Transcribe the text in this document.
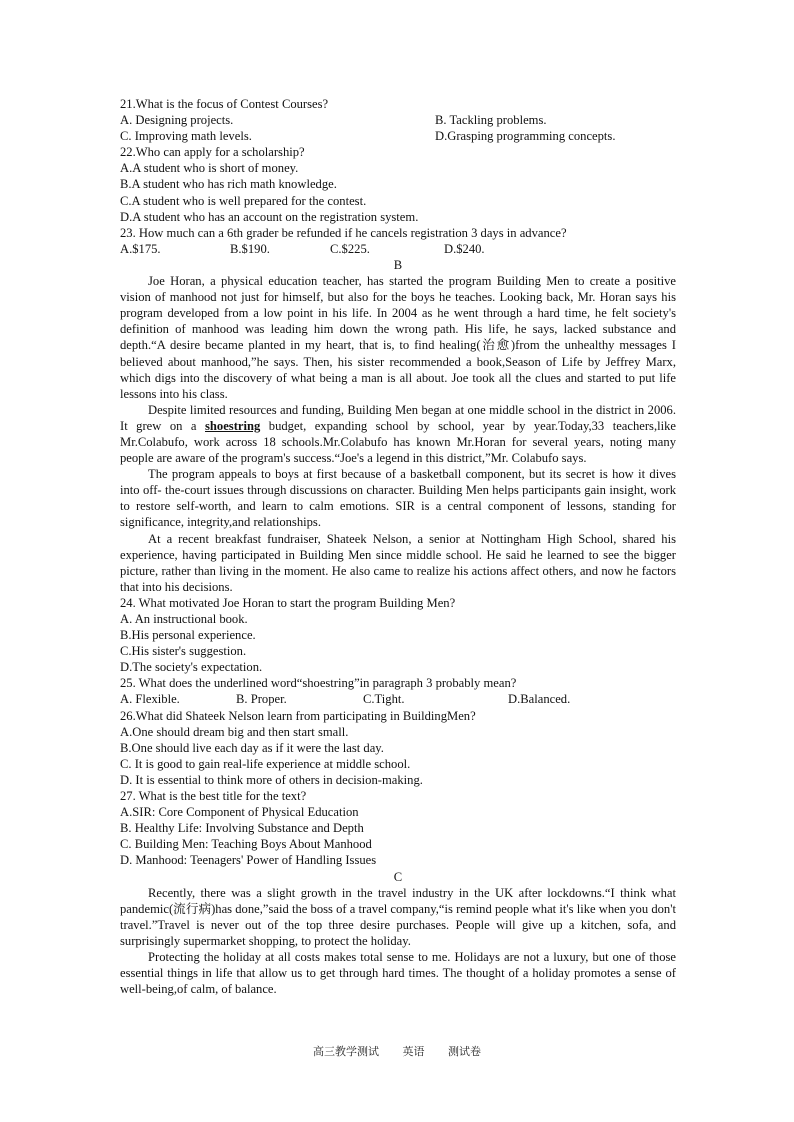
21.What is the focus of Contest Courses?
A. Designing projects.	B. Tackling problems.
C. Improving math levels.	D.Grasping programming concepts.
22.Who can apply for a scholarship?
A.A student who is short of money.
B.A student who has rich math knowledge.
C.A student who is well prepared for the contest.
D.A student who has an account on the registration system.
23. How much can a 6th grader be refunded if he cancels registration 3 days in advance?
A.$175.	B.$190.	C.$225.	D.$240.
B

Joe Horan, a physical education teacher, has started the program Building Men to create a positive vision of manhood not just for himself, but also for the boys he teaches. Looking back, Mr. Horan says his program developed from a low point in his life. In 2004 as he went through a hard time, he felt society's definition of manhood was leading him down the wrong path. His life, he says, lacked substance and depth.“A desire became planted in my heart, that is, to find healing(治愈)from the unhealthy messages I believed about manhood,”he says. Then, his sister recommended a book,Season of Life by Jeffrey Marx, which digs into the discovery of what being a man is all about. Joe took all the clues and started to put life lessons into his class.

Despite limited resources and funding, Building Men began at one middle school in the district in 2006. It grew on a shoestring budget, expanding school by school, year by year.Today,33 teachers,like Mr.Colabufo, work across 18 schools.Mr.Colabufo has known Mr.Horan for several years, noting many people are aware of the program's success.“Joe's a legend in this district,”Mr. Colabufo says.

The program appeals to boys at first because of a basketball component, but its secret is how it dives into off- the-court issues through discussions on character. Building Men helps participants gain insight, work to restore self-worth, and learn to calm emotions. SIR is a central component of lessons, standing for significance, integrity,and relationships.

At a recent breakfast fundraiser, Shateek Nelson, a senior at Nottingham High School, shared his experience, having participated in Building Men since middle school. He said he learned to see the bigger picture, rather than living in the moment. He also came to realize his actions affect others, and now he factors that into his decisions.

24. What motivated Joe Horan to start the program Building Men?
A. An instructional book.
B.His personal experience.
C.His sister's suggestion.
D.The society's expectation.
25. What does the underlined word“shoestring”in paragraph 3 probably mean?
A. Flexible.	B. Proper.	C.Tight.	D.Balanced.
26.What did Shateek Nelson learn from participating in BuildingMen?
A.One should dream big and then start small.
B.One should live each day as if it were the last day.
C. It is good to gain real-life experience at middle school.
D. It is essential to think more of others in decision-making.
27. What is the best title for the text?
A.SIR: Core Component of Physical Education
B. Healthy Life: Involving Substance and Depth
C. Building Men: Teaching Boys About Manhood
D. Manhood: Teenagers' Power of Handling Issues
C

Recently, there was a slight growth in the travel industry in the UK after lockdowns.“I think what pandemic(流行病)has done,”said the boss of a travel company,“is remind people what it's like when you don't travel.”Travel is never out of the top three desire purchases. People will give up a kitchen, sofa, and surprisingly supermarket shopping, to protect the holiday.

Protecting the holiday at all costs makes total sense to me. Holidays are not a luxury, but one of those essential things in life that allow us to get through hard times. The thought of a holiday promotes a sense of well-being,of calm, of balance.

高三教学测试 英语 测试卷
